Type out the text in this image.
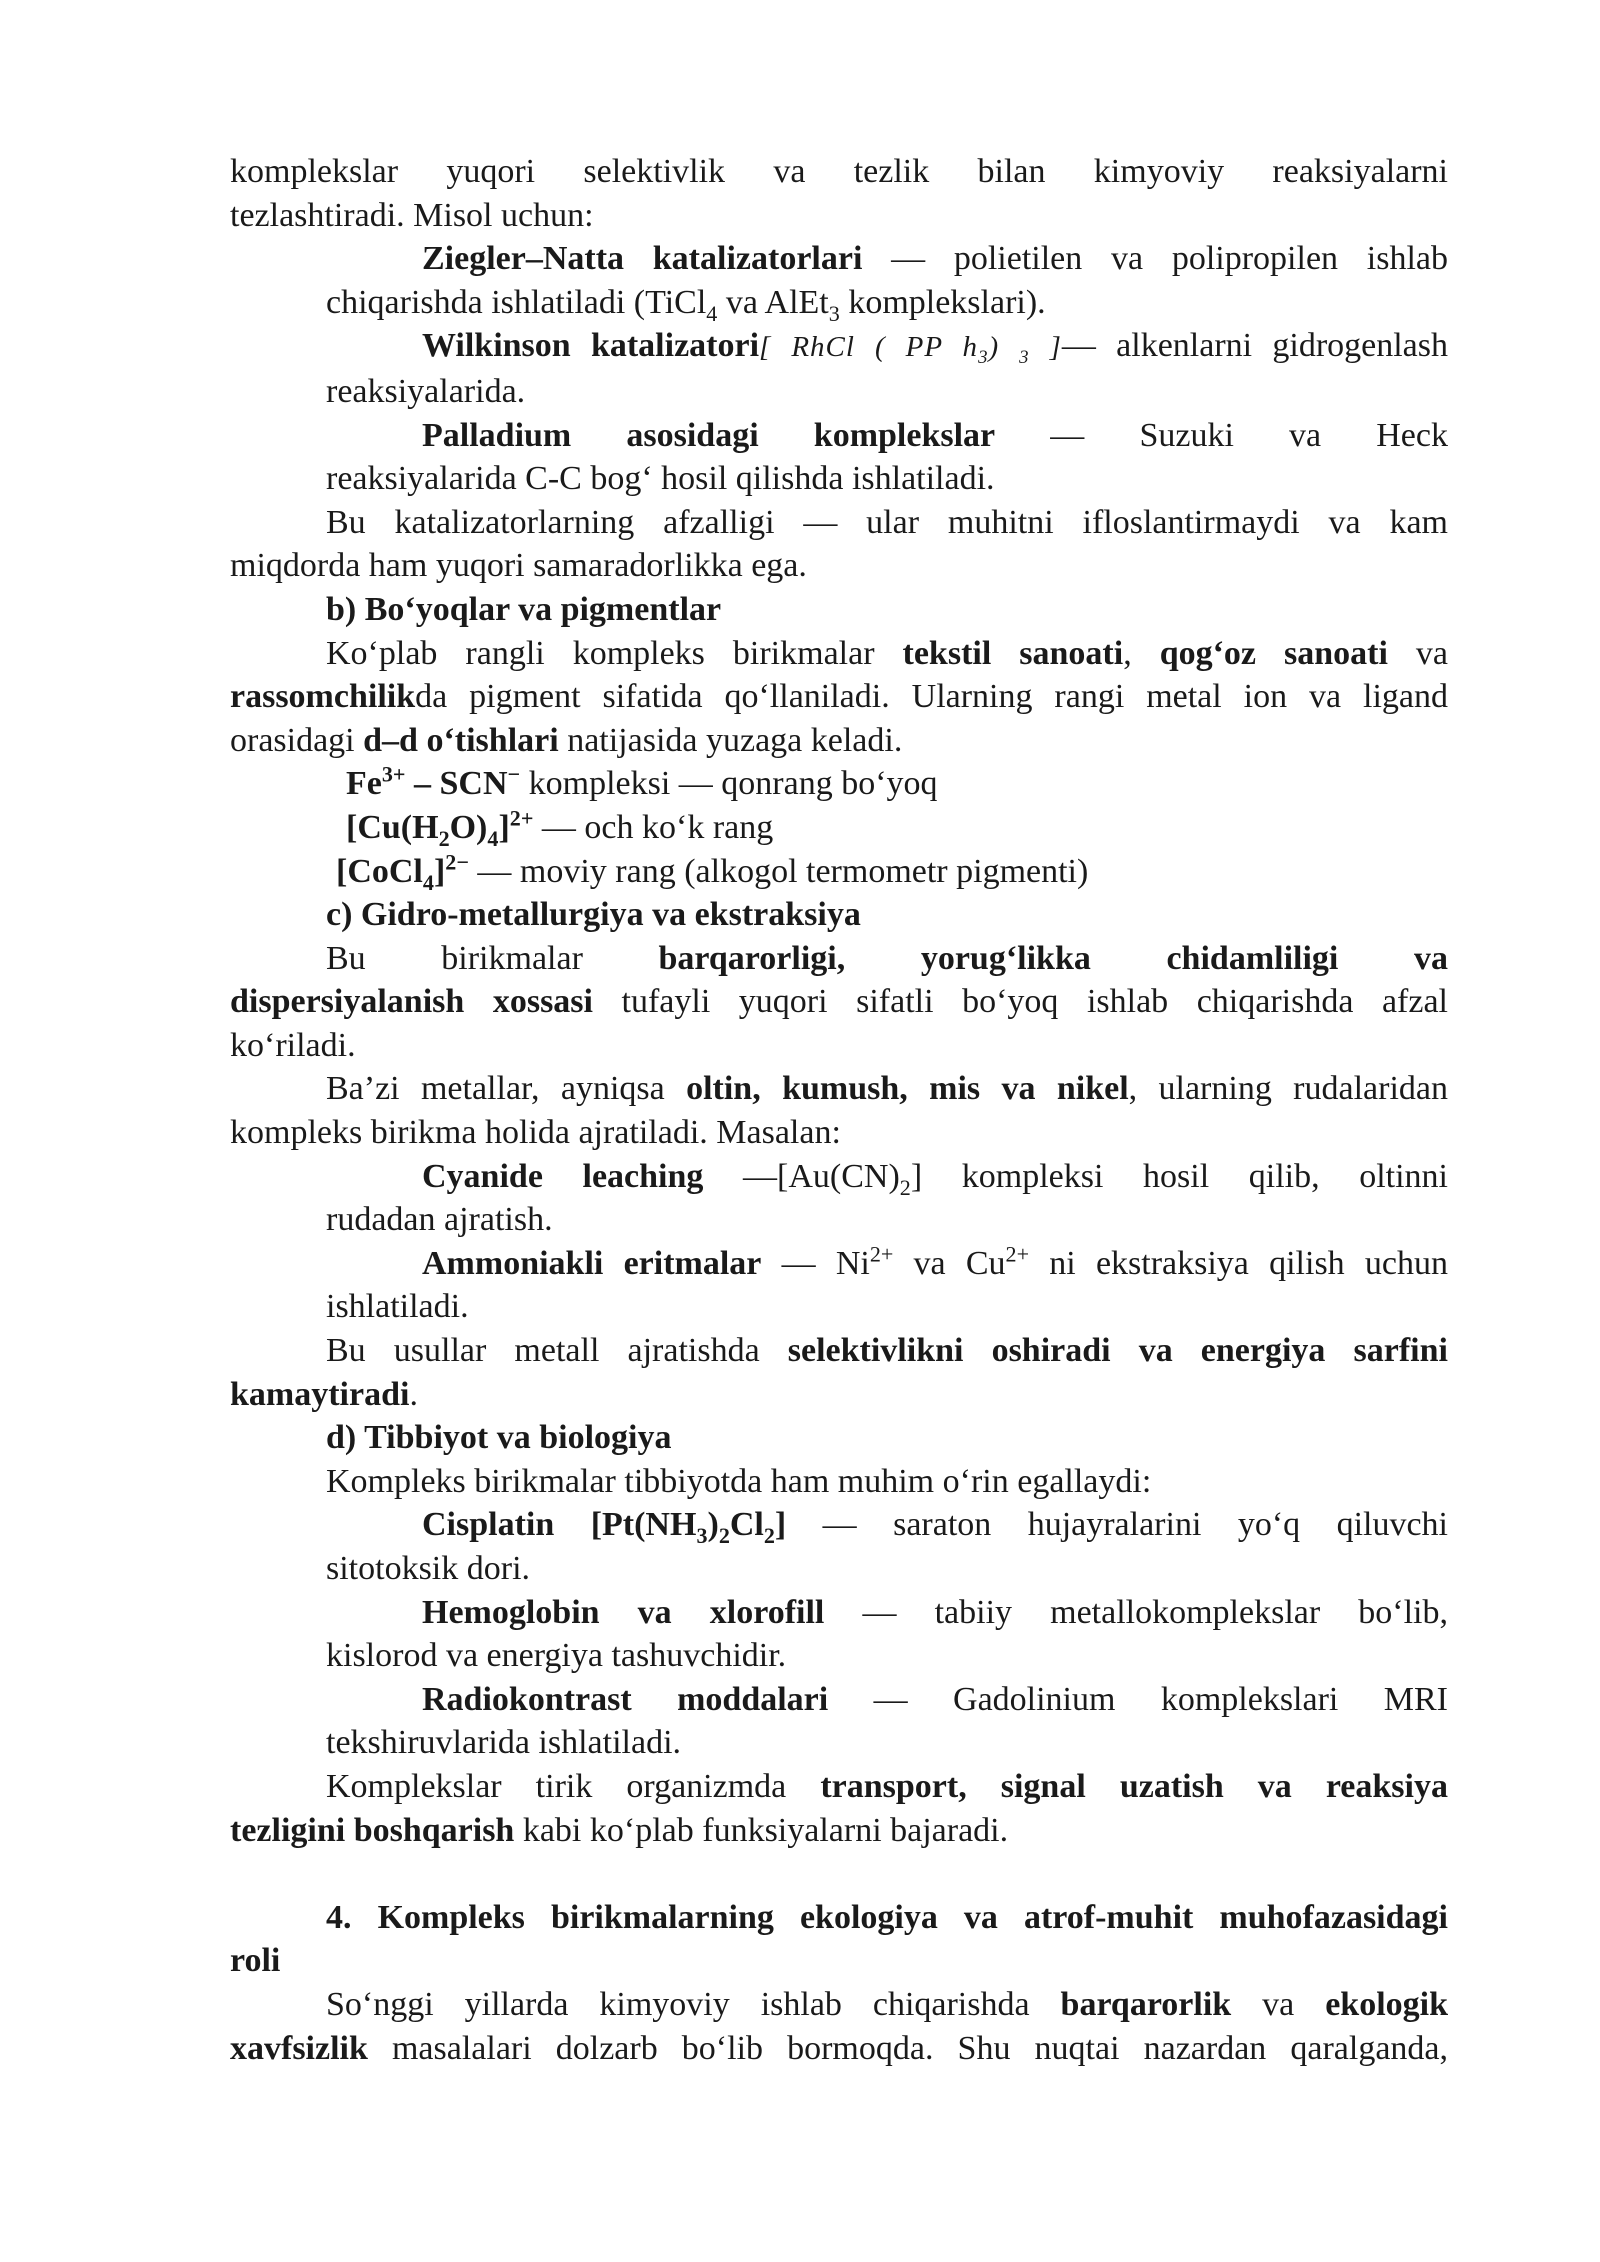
komplekslar yuqori selektivlik va tezlik bilan kimyoviy reaksiyalarni
tezlashtiradi. Misol uchun:
Ziegler–Natta katalizatorlari — polietilen va polipropilen ishlab
chiqarishda ishlatiladi (TiCl$_4$ va AlEt$_3$ komplekslari).
Wilkinson katalizatori[ RhCl ( PP $h_3$) $_3$ ]— alkenlarni gidrogenlash
reaksiyalarida.
Palladium asosidagi komplekslar — Suzuki va Heck
reaksiyalarida C-C bog‘ hosil qilishda ishlatiladi.
Bu katalizatorlarning afzalligi — ular muhitni ifloslantirmaydi va kam
miqdorda ham yuqori samaradorlikka ega.
b) Bo‘yoqlar va pigmentlar
Ko‘plab rangli kompleks birikmalar tekstil sanoati, qog‘oz sanoati va
rassomchilikda pigment sifatida qo‘llaniladi. Ularning rangi metal ion va ligand
orasidagi d–d o‘tishlari natijasida yuzaga keladi.
$Fe^{3+} - SCN^-$ kompleksi — qonrang bo‘yoq
$[Cu(H_2O)_4]^{2+}$ — och ko‘k rang
[CoCl$_4$]$^{2-}$ — moviy rang (alkogol termometr pigmenti)
c) Gidro-metallurgiya va ekstraksiya
Bu birikmalar barqarorligi, yorug‘likka chidamliligi va
dispersiyalanish xossasi tufayli yuqori sifatli bo‘yoq ishlab chiqarishda afzal
ko‘riladi.
Ba’zi metallar, ayniqsa oltin, kumush, mis va nikel, ularning rudalaridan
kompleks birikma holida ajratiladi. Masalan:
Cyanide leaching $—[Au(CN)_2]$ kompleksi hosil qilib, oltinni
rudadan ajratish.
Ammoniakli eritmalar — $Ni^{2+}$ va $Cu^{2+}$ ni ekstraksiya qilish uchun
ishlatiladi.
Bu usullar metall ajratishda selektivlikni oshiradi va energiya sarfini
kamaytiradi.
d) Tibbiyot va biologiya
Kompleks birikmalar tibbiyotda ham muhim o‘rin egallaydi:
Cisplatin $[Pt(NH_3)_2Cl_2]$ — saraton hujayralarini yo‘q qiluvchi
sitotoksik dori.
Hemoglobin va xlorofill — tabiiy metallokomplekslar bo‘lib,
kislorod va energiya tashuvchidir.
Radiokontrast moddalari — Gadolinium komplekslari MRI
tekshiruvlarida ishlatiladi.
Komplekslar tirik organizmda transport, signal uzatish va reaksiya
tezligini boshqarish kabi ko‘plab funksiyalarni bajaradi.
4. Kompleks birikmalarning ekologiya va atrof-muhit muhofazasidagi
roli
So‘nggi yillarda kimyoviy ishlab chiqarishda barqarorlik va ekologik
xavfsizlik masalalari dolzarb bo‘lib bormoqda. Shu nuqtai nazardan qaralganda,
